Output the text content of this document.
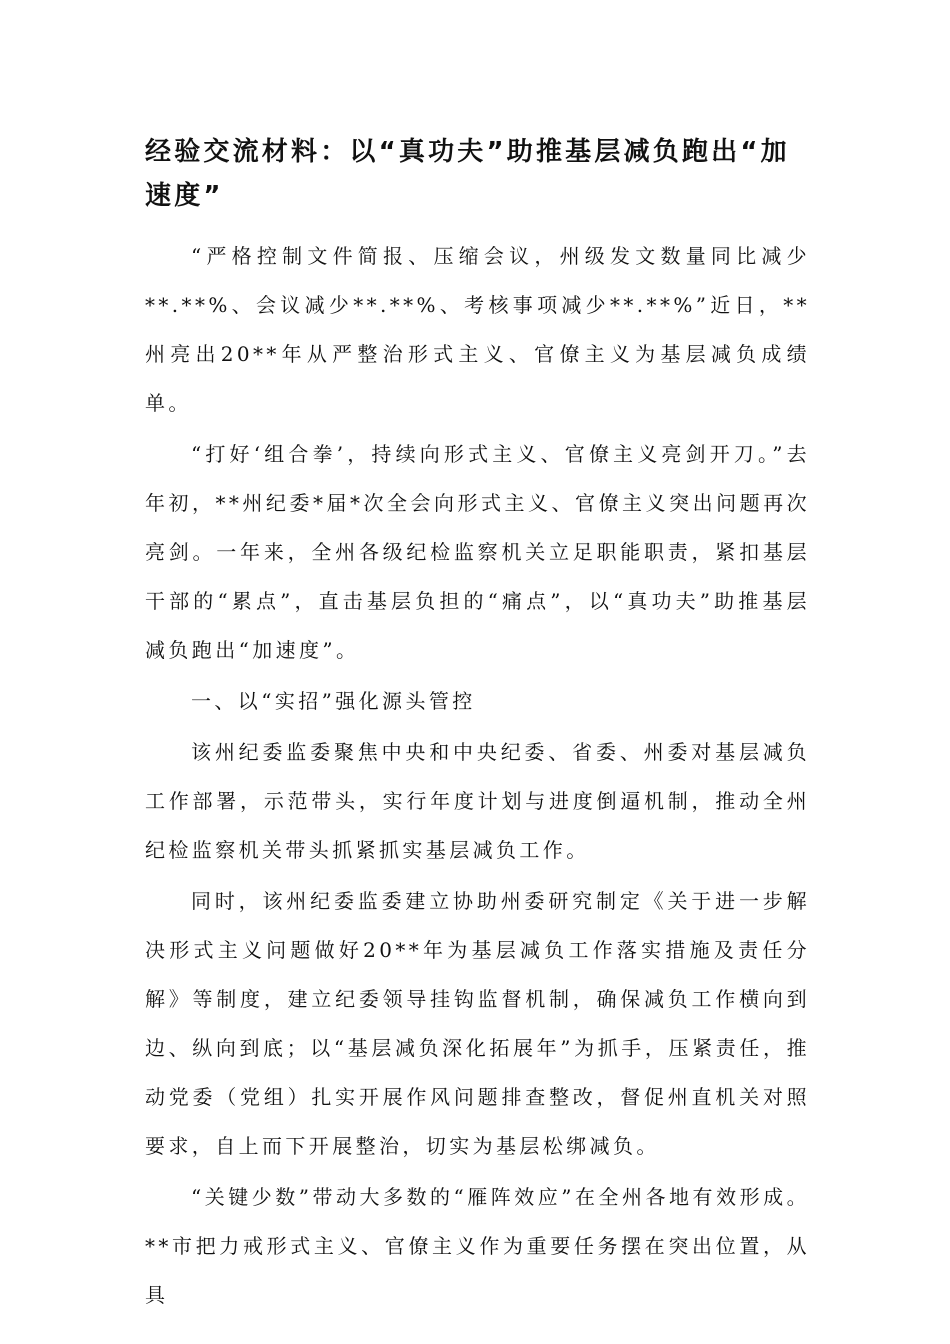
经验交流材料：以“真功夫”助推基层减负跑出“加速度”

“严格控制文件简报、压缩会议，州级发文数量同比减少**.**%、会议减少**.**%、考核事项减少**.**%”近日，**州亮出20**年从严整治形式主义、官僚主义为基层减负成绩单。

“打好‘组合拳’，持续向形式主义、官僚主义亮剑开刀。”去年初，**州纪委*届*次全会向形式主义、官僚主义突出问题再次亮剑。一年来，全州各级纪检监察机关立足职能职责，紧扣基层干部的“累点”，直击基层负担的“痛点”，以“真功夫”助推基层减负跑出“加速度”。

一、以“实招”强化源头管控

该州纪委监委聚焦中央和中央纪委、省委、州委对基层减负工作部署，示范带头，实行年度计划与进度倒逼机制，推动全州纪检监察机关带头抓紧抓实基层减负工作。

同时，该州纪委监委建立协助州委研究制定《关于进一步解决形式主义问题做好20**年为基层减负工作落实措施及责任分解》等制度，建立纪委领导挂钩监督机制，确保减负工作横向到边、纵向到底；以“基层减负深化拓展年”为抓手，压紧责任，推动党委（党组）扎实开展作风问题排查整改，督促州直机关对照要求，自上而下开展整治，切实为基层松绑减负。

“关键少数”带动大多数的“雁阵效应”在全州各地有效形成。**市把力戒形式主义、官僚主义作为重要任务摆在突出位置，从具
